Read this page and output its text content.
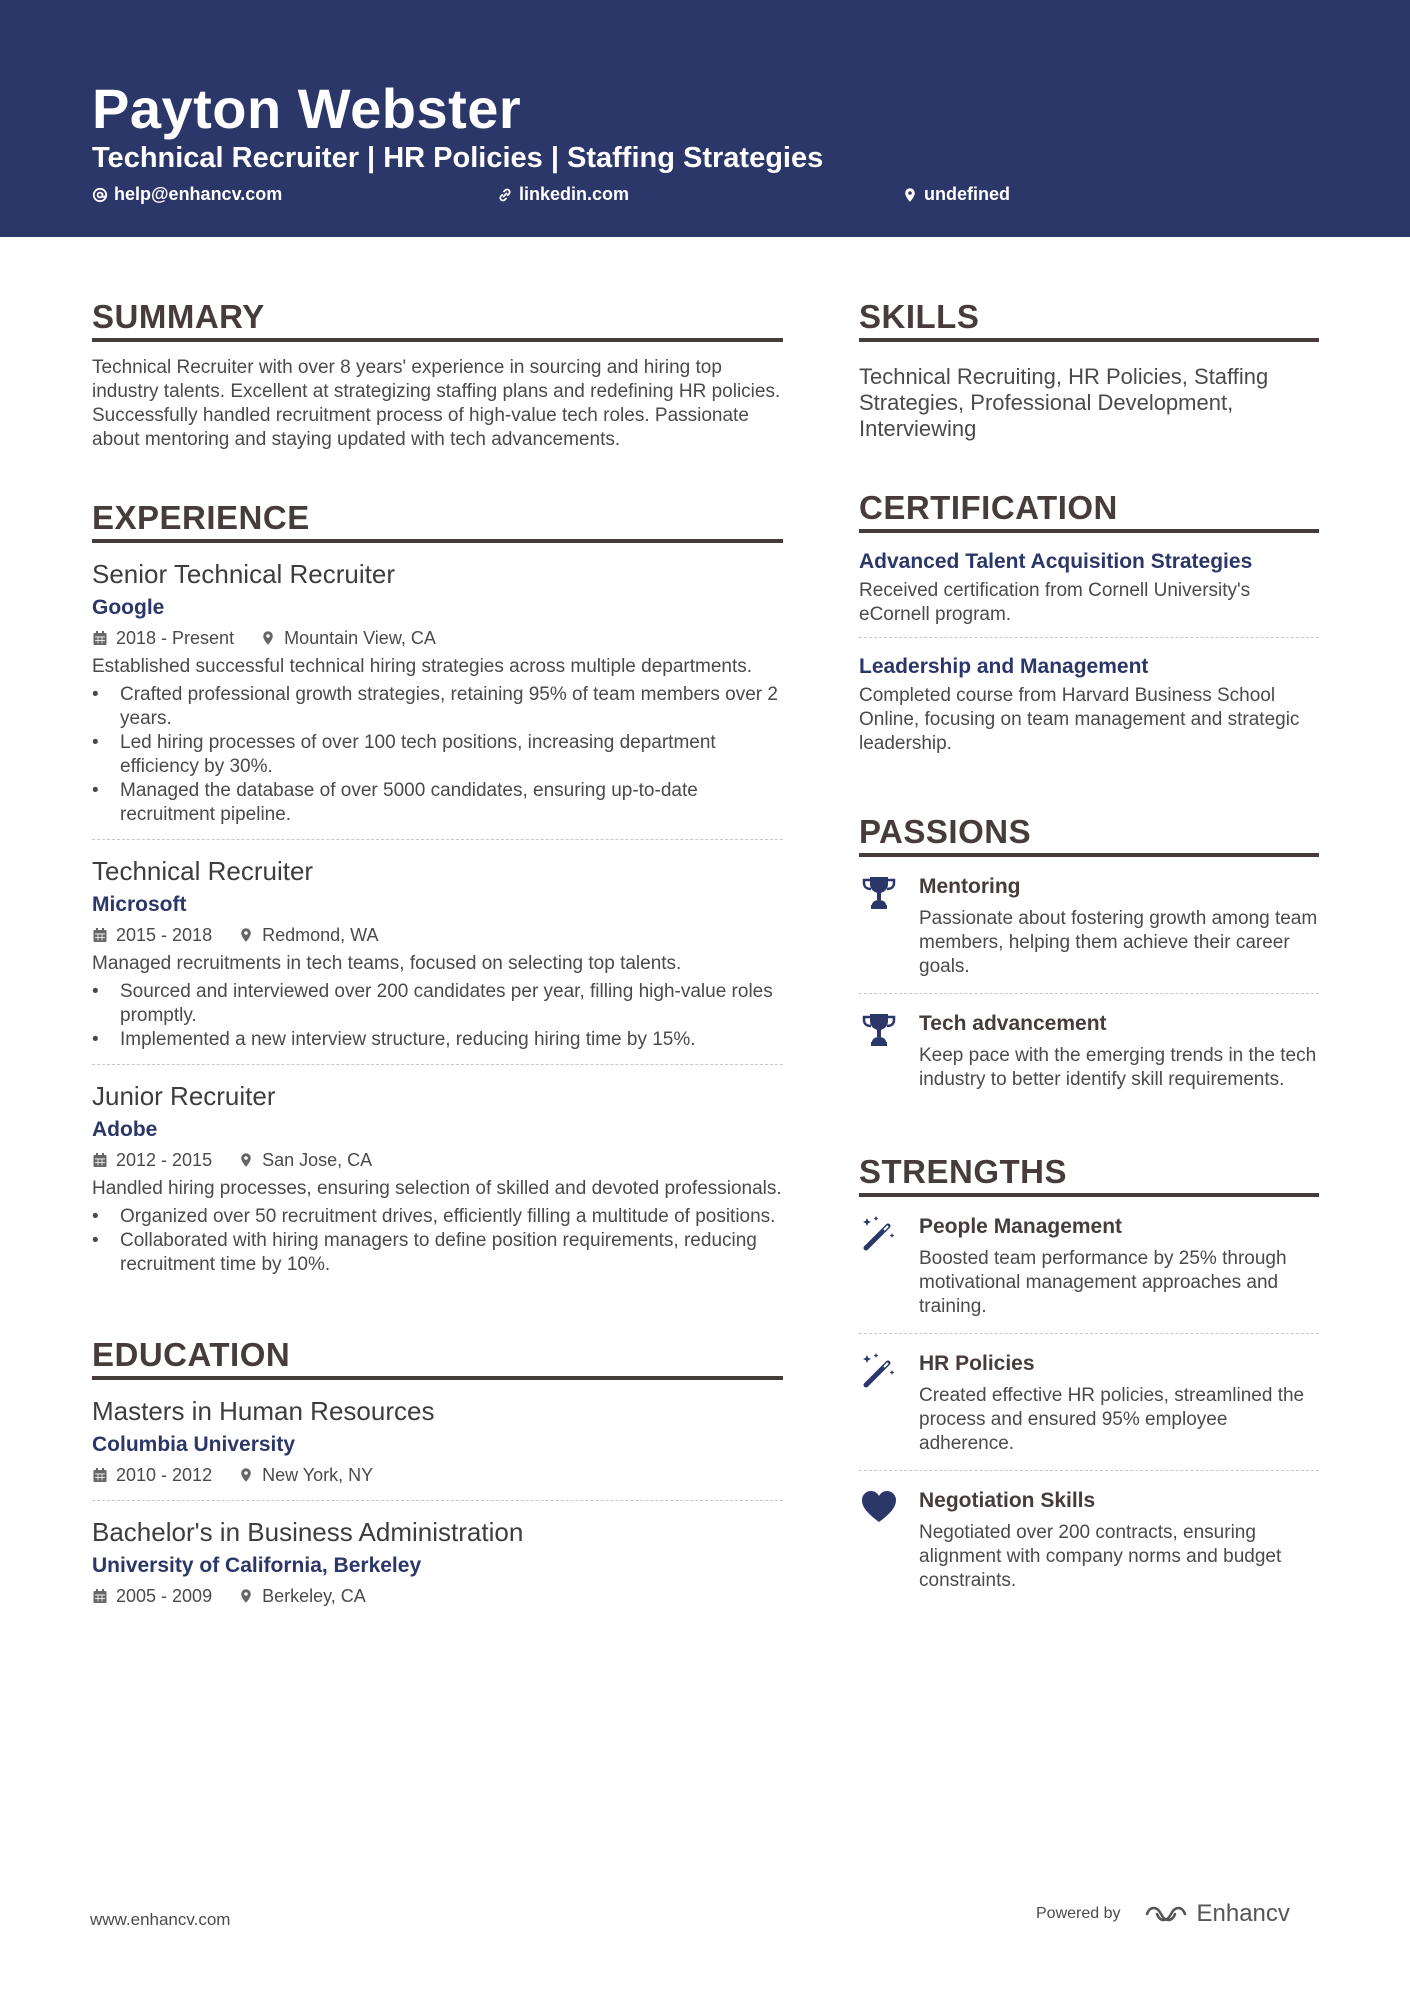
Payton Webster
Technical Recruiter | HR Policies | Staffing Strategies
help@enhancv.com	linkedin.com	undefined
SUMMARY
Technical Recruiter with over 8 years' experience in sourcing and hiring top industry talents. Excellent at strategizing staffing plans and redefining HR policies. Successfully handled recruitment process of high-value tech roles. Passionate about mentoring and staying updated with tech advancements.
EXPERIENCE
Senior Technical Recruiter
Google
2018 - Present	Mountain View, CA
Established successful technical hiring strategies across multiple departments.
• Crafted professional growth strategies, retaining 95% of team members over 2 years.
• Led hiring processes of over 100 tech positions, increasing department efficiency by 30%.
• Managed the database of over 5000 candidates, ensuring up-to-date recruitment pipeline.
Technical Recruiter
Microsoft
2015 - 2018	Redmond, WA
Managed recruitments in tech teams, focused on selecting top talents.
• Sourced and interviewed over 200 candidates per year, filling high-value roles promptly.
• Implemented a new interview structure, reducing hiring time by 15%.
Junior Recruiter
Adobe
2012 - 2015	San Jose, CA
Handled hiring processes, ensuring selection of skilled and devoted professionals.
• Organized over 50 recruitment drives, efficiently filling a multitude of positions.
• Collaborated with hiring managers to define position requirements, reducing recruitment time by 10%.
EDUCATION
Masters in Human Resources
Columbia University
2010 - 2012	New York, NY
Bachelor's in Business Administration
University of California, Berkeley
2005 - 2009	Berkeley, CA
SKILLS
Technical Recruiting, HR Policies, Staffing Strategies, Professional Development, Interviewing
CERTIFICATION
Advanced Talent Acquisition Strategies
Received certification from Cornell University's eCornell program.
Leadership and Management
Completed course from Harvard Business School Online, focusing on team management and strategic leadership.
PASSIONS
Mentoring
Passionate about fostering growth among team members, helping them achieve their career goals.
Tech advancement
Keep pace with the emerging trends in the tech industry to better identify skill requirements.
STRENGTHS
People Management
Boosted team performance by 25% through motivational management approaches and training.
HR Policies
Created effective HR policies, streamlined the process and ensured 95% employee adherence.
Negotiation Skills
Negotiated over 200 contracts, ensuring alignment with company norms and budget constraints.
www.enhancv.com	Powered by	Enhancv
